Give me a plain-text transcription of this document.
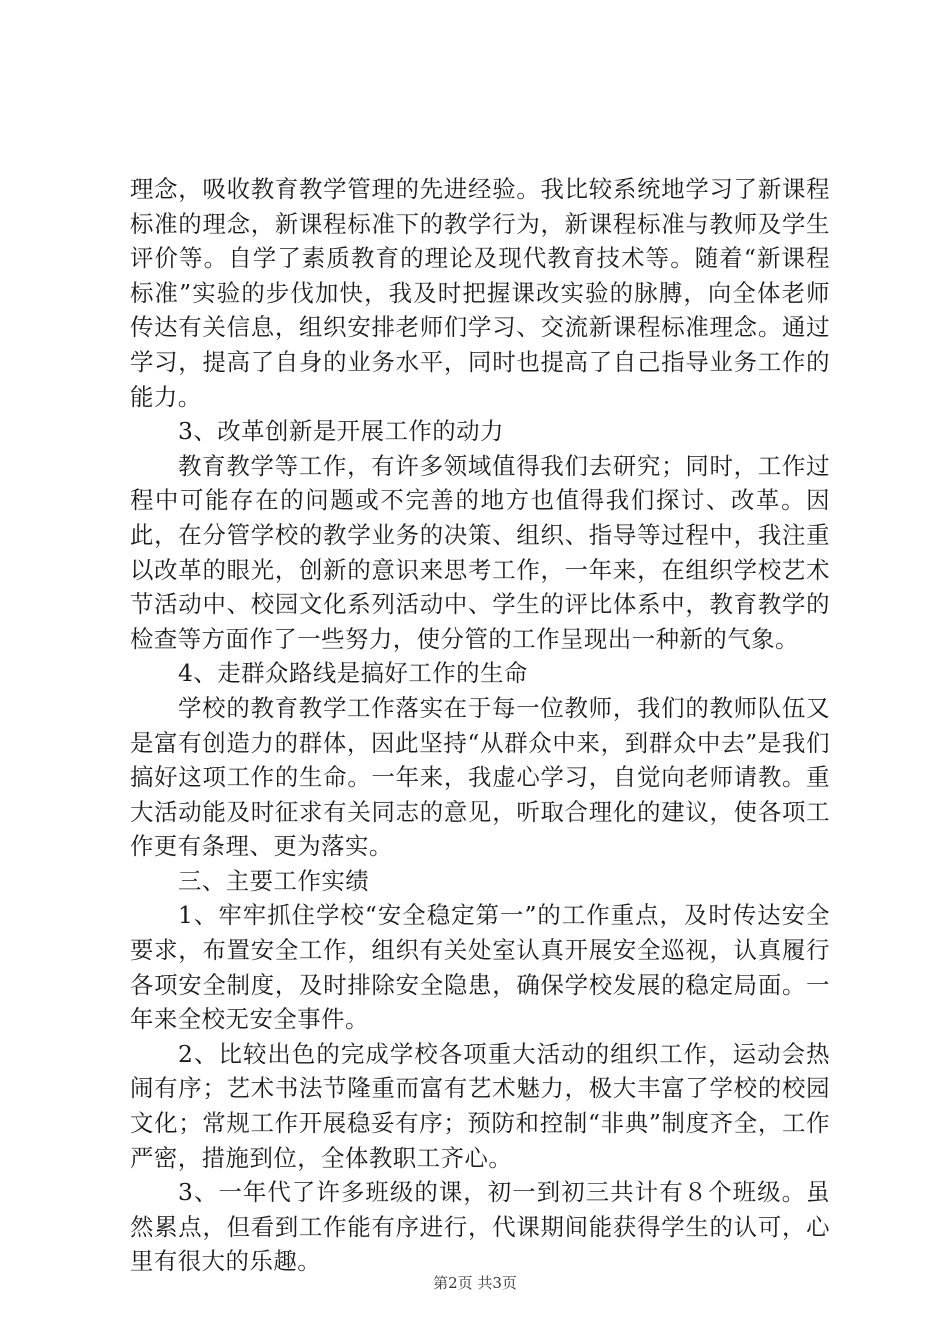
理念，吸收教育教学管理的先进经验。我比较系统地学习了新课程标准的理念，新课程标准下的教学行为，新课程标准与教师及学生评价等。自学了素质教育的理论及现代教育技术等。随着“新课程标准”实验的步伐加快，我及时把握课改实验的脉膊，向全体老师传达有关信息，组织安排老师们学习、交流新课程标准理念。通过学习，提高了自身的业务水平，同时也提高了自己指导业务工作的能力。

3、改革创新是开展工作的动力

教育教学等工作，有许多领域值得我们去研究；同时，工作过程中可能存在的问题或不完善的地方也值得我们探讨、改革。因此，在分管学校的教学业务的决策、组织、指导等过程中，我注重以改革的眼光，创新的意识来思考工作，一年来，在组织学校艺术节活动中、校园文化系列活动中、学生的评比体系中，教育教学的检查等方面作了一些努力，使分管的工作呈现出一种新的气象。

4、走群众路线是搞好工作的生命

学校的教育教学工作落实在于每一位教师，我们的教师队伍又是富有创造力的群体，因此坚持“从群众中来，到群众中去”是我们搞好这项工作的生命。一年来，我虚心学习，自觉向老师请教。重大活动能及时征求有关同志的意见，听取合理化的建议，使各项工作更有条理、更为落实。

三、主要工作实绩

1、牢牢抓住学校“安全稳定第一”的工作重点，及时传达安全要求，布置安全工作，组织有关处室认真开展安全巡视，认真履行各项安全制度，及时排除安全隐患，确保学校发展的稳定局面。一年来全校无安全事件。

2、比较出色的完成学校各项重大活动的组织工作，运动会热闹有序；艺术书法节隆重而富有艺术魅力，极大丰富了学校的校园文化；常规工作开展稳妥有序；预防和控制“非典”制度齐全，工作严密，措施到位，全体教职工齐心。

3、一年代了许多班级的课，初一到初三共计有８个班级。虽然累点，但看到工作能有序进行，代课期间能获得学生的认可，心里有很大的乐趣。

第2页 共3页
